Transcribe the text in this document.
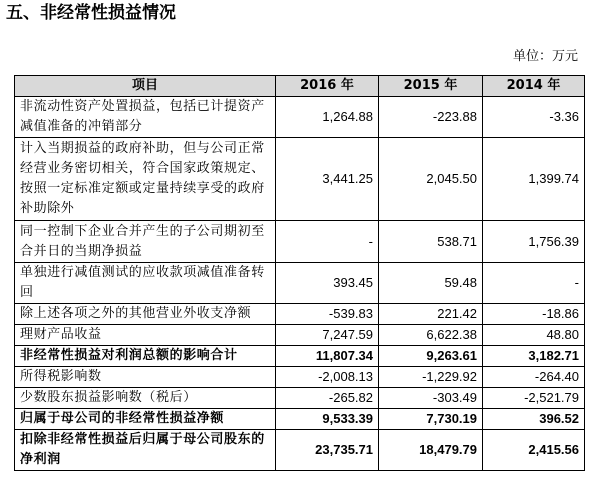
五、非经常性损益情况
单位：万元
项目	2016 年	2015 年	2014 年
非流动性资产处置损益，包括已计提资产减值准备的冲销部分	1,264.88	-223.88	-3.36
计入当期损益的政府补助，但与公司正常经营业务密切相关，符合国家政策规定、按照一定标准定额或定量持续享受的政府补助除外	3,441.25	2,045.50	1,399.74
同一控制下企业合并产生的子公司期初至合并日的当期净损益	-	538.71	1,756.39
单独进行减值测试的应收款项减值准备转回	393.45	59.48	-
除上述各项之外的其他营业外收支净额	-539.83	221.42	-18.86
理财产品收益	7,247.59	6,622.38	48.80
非经常性损益对利润总额的影响合计	11,807.34	9,263.61	3,182.71
所得税影响数	-2,008.13	-1,229.92	-264.40
少数股东损益影响数（税后）	-265.82	-303.49	-2,521.79
归属于母公司的非经常性损益净额	9,533.39	7,730.19	396.52
扣除非经常性损益后归属于母公司股东的净利润	23,735.71	18,479.79	2,415.56
